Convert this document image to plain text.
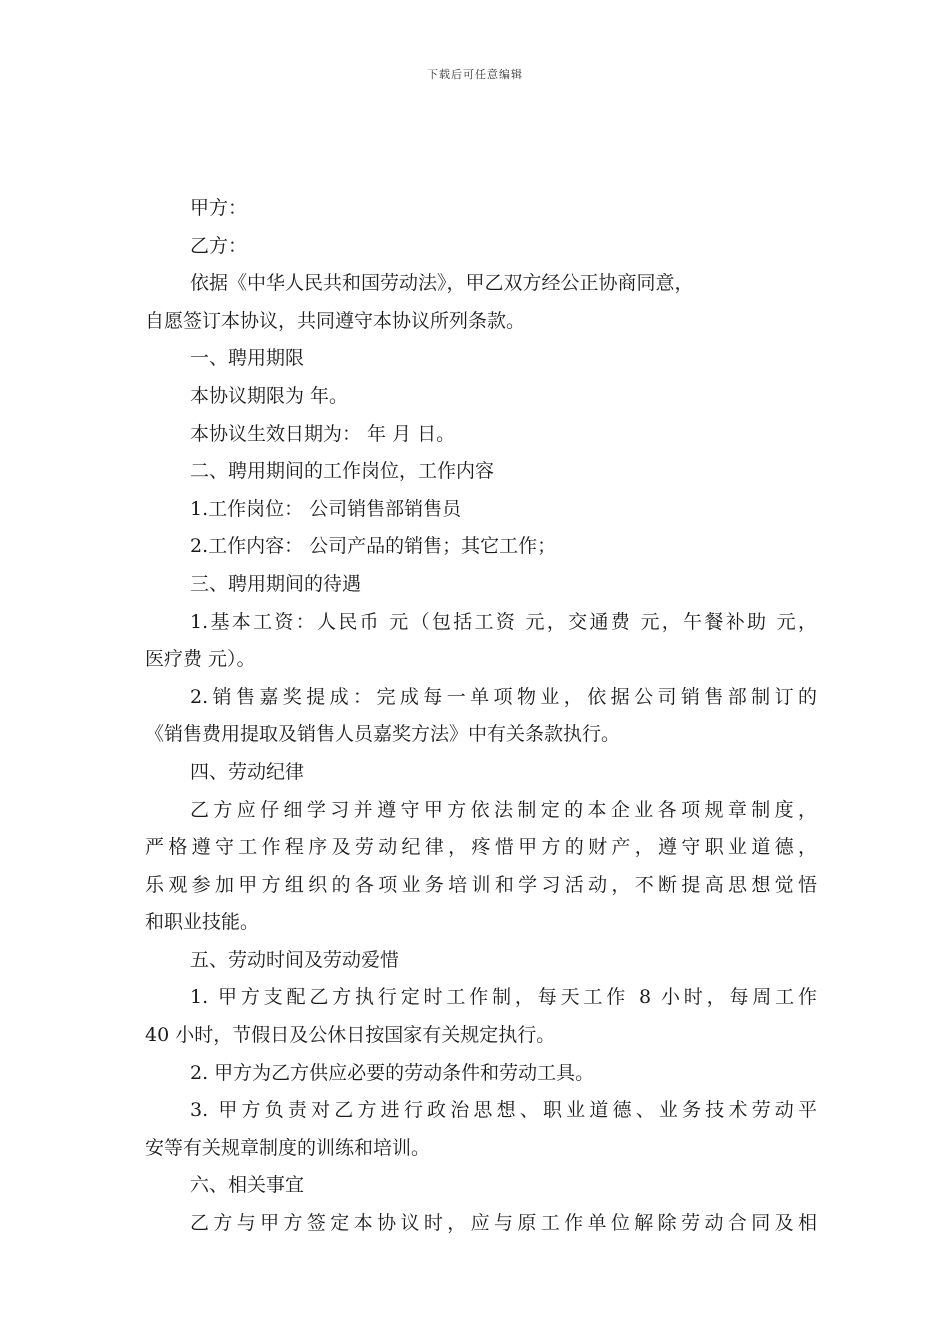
下载后可任意编辑
甲方：
乙方：
依据《中华人民共和国劳动法》，甲乙双方经公正协商同意，
自愿签订本协议，共同遵守本协议所列条款。
一、聘用期限
本协议期限为 年。
本协议生效日期为： 年 月 日。
二、聘用期间的工作岗位，工作内容
1.工作岗位： 公司销售部销售员
2.工作内容： 公司产品的销售；其它工作；
三、聘用期间的待遇
1.基本工资：人民币 元（包括工资 元，交通费 元，午餐补助 元，
医疗费 元）。
2.销售嘉奖提成：完成每一单项物业，依据公司销售部制订的
《销售费用提取及销售人员嘉奖方法》中有关条款执行。
四、劳动纪律
乙方应仔细学习并遵守甲方依法制定的本企业各项规章制度，
严格遵守工作程序及劳动纪律，疼惜甲方的财产，遵守职业道德，
乐观参加甲方组织的各项业务培训和学习活动，不断提高思想觉悟
和职业技能。
五、劳动时间及劳动爱惜
1. 甲方支配乙方执行定时工作制，每天工作 8 小时，每周工作
40 小时，节假日及公休日按国家有关规定执行。
2. 甲方为乙方供应必要的劳动条件和劳动工具。
3. 甲方负责对乙方进行政治思想、职业道德、业务技术劳动平
安等有关规章制度的训练和培训。
六、相关事宜
乙方与甲方签定本协议时，应与原工作单位解除劳动合同及相
